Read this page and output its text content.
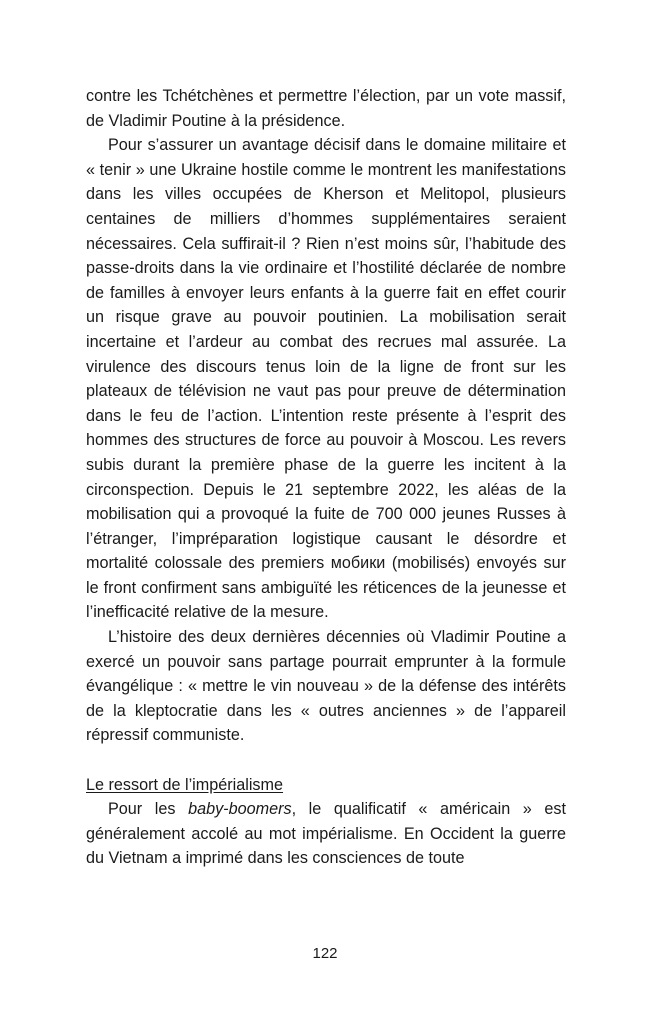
contre les Tchétchènes et permettre l’élection, par un vote massif, de Vladimir Poutine à la présidence.

Pour s’assurer un avantage décisif dans le domaine militaire et « tenir » une Ukraine hostile comme le montrent les manifestations dans les villes occupées de Kherson et Melitopol, plusieurs centaines de milliers d’hommes supplémentaires seraient nécessaires. Cela suffirait-il ? Rien n’est moins sûr, l’habitude des passe-droits dans la vie ordinaire et l’hostilité déclarée de nombre de familles à envoyer leurs enfants à la guerre fait en effet courir un risque grave au pouvoir poutinien. La mobilisation serait incertaine et l’ardeur au combat des recrues mal assurée. La virulence des discours tenus loin de la ligne de front sur les plateaux de télévision ne vaut pas pour preuve de détermination dans le feu de l’action. L’intention reste présente à l’esprit des hommes des structures de force au pouvoir à Moscou. Les revers subis durant la première phase de la guerre les incitent à la circonspection. Depuis le 21 septembre 2022, les aléas de la mobilisation qui a provoqué la fuite de 700 000 jeunes Russes à l’étranger, l’impréparation logistique causant le désordre et mortalité colossale des premiers мобики (mobilisés) envoyés sur le front confirment sans ambiguïté les réticences de la jeunesse et l’inefficacité relative de la mesure.

L’histoire des deux dernières décennies où Vladimir Poutine a exercé un pouvoir sans partage pourrait emprunter à la formule évangélique : « mettre le vin nouveau » de la défense des intérêts de la kleptocratie dans les « outres anciennes » de l’appareil répressif communiste.

Le ressort de l’impérialisme

Pour les baby-boomers, le qualificatif « américain » est généralement accolé au mot impérialisme. En Occident la guerre du Vietnam a imprimé dans les consciences de toute

122
